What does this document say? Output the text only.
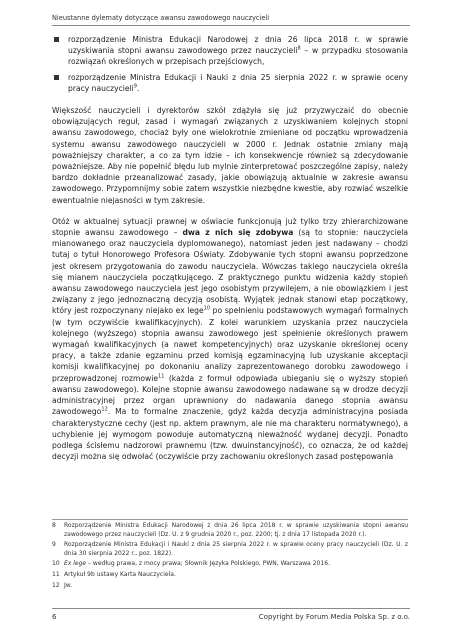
Nieustanne dylematy dotyczące awansu zawodowego nauczycieli
rozporządzenie Ministra Edukacji Narodowej z dnia 26 lipca 2018 r. w sprawie uzyskiwania stopni awansu zawodowego przez nauczycieli$^8$ – w przypadku stosowania rozwiązań określonych w przepisach przejściowych,
rozporządzenie Ministra Edukacji i Nauki z dnia 25 sierpnia 2022 r. w sprawie oceny pracy nauczycieli$^9$.

Większość nauczycieli i dyrektorów szkół zdążyła się już przyzwyczaić do obecnie obowiązujących reguł, zasad i wymagań związanych z uzyskiwaniem kolejnych stopni awansu zawodowego, chociaż były one wielokrotnie zmieniane od początku wprowadzenia systemu awansu zawodowego nauczycieli w 2000 r. Jednak ostatnie zmiany mają poważniejszy charakter, a co za tym idzie – ich konsekwencje również są zdecydowanie poważniejsze. Aby nie popełnić błędu lub mylnie zinterpretować poszczególne zapisy, należy bardzo dokładnie przeanalizować zasady, jakie obowiązują aktualnie w zakresie awansu zawodowego. Przypomnijmy sobie zatem wszystkie niezbędne kwestie, aby rozwiać wszelkie ewentualnie niejasności w tym zakresie.

Otóż w aktualnej sytuacji prawnej w oświacie funkcjonują już tylko trzy zhierarchizowane stopnie awansu zawodowego – dwa z nich się zdobywa (są to stopnie: nauczyciela mianowanego oraz nauczyciela dyplomowanego), natomiast jeden jest nadawany – chodzi tutaj o tytuł Honorowego Profesora Oświaty. Zdobywanie tych stopni awansu poprzedzone jest okresem przygotowania do zawodu nauczyciela. Wówczas takiego nauczyciela określa się mianem nauczyciela początkującego. Z praktycznego punktu widzenia każdy stopień awansu zawodowego nauczyciela jest jego osobistym przywilejem, a nie obowiązkiem i jest związany z jego jednoznaczną decyzją osobistą. Wyjątek jednak stanowi etap początkowy, który jest rozpoczynany niejako ex lege$^{10}$ po spełnieniu podstawowych wymagań formalnych (w tym oczywiście kwalifikacyjnych). Z kolei warunkiem uzyskania przez nauczyciela kolejnego (wyższego) stopnia awansu zawodowego jest spełnienie określonych prawem wymagań kwalifikacyjnych (a nawet kompetencyjnych) oraz uzyskanie określonej oceny pracy, a także zdanie egzaminu przed komisją egzaminacyjną lub uzyskanie akceptacji komisji kwalifikacyjnej po dokonaniu analizy zaprezentowanego dorobku zawodowego i przeprowadzonej rozmowie$^{11}$ (każda z formuł odpowiada ubieganiu się o wyższy stopień awansu zawodowego). Kolejne stopnie awansu zawodowego nadawane są w drodze decyzji administracyjnej przez organ uprawniony do nadawania danego stopnia awansu zawodowego$^{12}$. Ma to formalne znaczenie, gdyż każda decyzja administracyjna posiada charakterystyczne cechy (jest np. aktem prawnym, ale nie ma charakteru normatywnego), a uchybienie jej wymogom powoduje automatyczną nieważność wydanej decyzji. Ponadto podlega ścisłemu nadzorowi prawnemu (tzw. dwuinstancyjność), co oznacza, że od każdej decyzji można się odwołać (oczywiście przy zachowaniu określonych zasad postępowania

8 Rozporządzenie Ministra Edukacji Narodowej z dnia 26 lipca 2018 r. w sprawie uzyskiwania stopni awansu zawodowego przez nauczycieli (Dz. U. z 9 grudnia 2020 r., poz. 2200; tj. z dnia 17 listopada 2020 r.).
9 Rozporządzenie Ministra Edukacji i Nauki z dnia 25 sierpnia 2022 r. w sprawie oceny pracy nauczycieli (Dz. U. z dnia 30 sierpnia 2022 r., poz. 1822).
10 Ex lege – według prawa, z mocy prawa; Słownik Języka Polskiego, PWN, Warszawa 2016.
11 Artykuł 9b ustawy Karta Nauczyciela.
12 Jw.
6	Copyright by Forum Media Polska Sp. z o.o.
